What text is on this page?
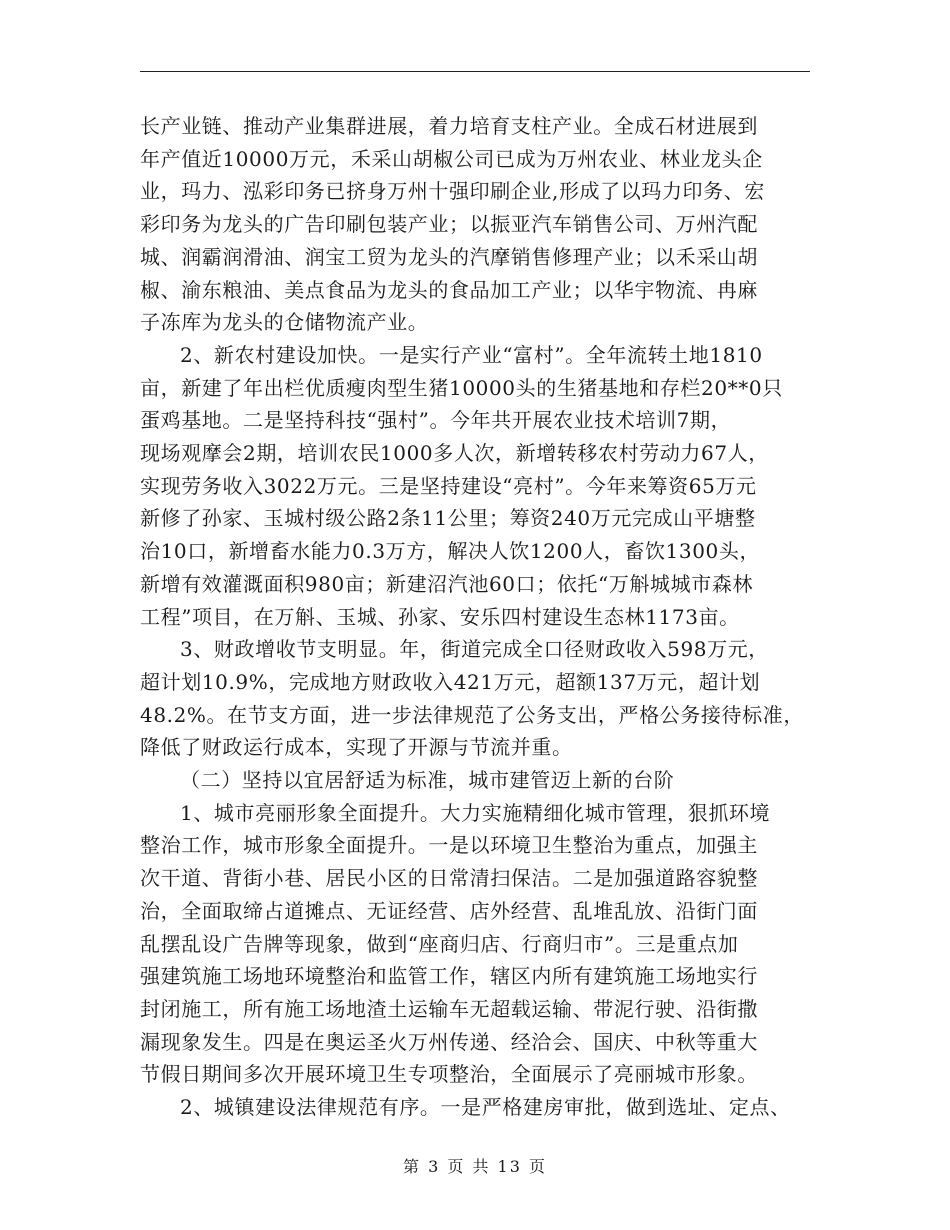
长产业链、推动产业集群进展，着力培育支柱产业。全成石材进展到
年产值近10000万元，禾采山胡椒公司已成为万州农业、林业龙头企
业，玛力、泓彩印务已挤身万州十强印刷企业,形成了以玛力印务、宏
彩印务为龙头的广告印刷包装产业；以振亚汽车销售公司、万州汽配
城、润霸润滑油、润宝工贸为龙头的汽摩销售修理产业；以禾采山胡
椒、渝东粮油、美点食品为龙头的食品加工产业；以华宇物流、冉麻
子冻库为龙头的仓储物流产业。
2、新农村建设加快。一是实行产业“富村”。全年流转土地1810
亩，新建了年出栏优质瘦肉型生猪10000头的生猪基地和存栏20**0只
蛋鸡基地。二是坚持科技“强村”。今年共开展农业技术培训7期，
现场观摩会2期，培训农民1000多人次，新增转移农村劳动力67人，
实现劳务收入3022万元。三是坚持建设“亮村”。今年来筹资65万元
新修了孙家、玉城村级公路2条11公里；筹资240万元完成山平塘整
治10口，新增畜水能力0.3万方，解决人饮1200人，畜饮1300头，
新增有效灌溉面积980亩；新建沼汽池60口；依托“万斛城城市森林
工程”项目，在万斛、玉城、孙家、安乐四村建设生态林1173亩。
3、财政增收节支明显。年，街道完成全口径财政收入598万元，
超计划10.9%，完成地方财政收入421万元，超额137万元，超计划
48.2%。在节支方面，进一步法律规范了公务支出，严格公务接待标准，
降低了财政运行成本，实现了开源与节流并重。
（二）坚持以宜居舒适为标准，城市建管迈上新的台阶
1、城市亮丽形象全面提升。大力实施精细化城市管理，狠抓环境
整治工作，城市形象全面提升。一是以环境卫生整治为重点，加强主
次干道、背街小巷、居民小区的日常清扫保洁。二是加强道路容貌整
治，全面取缔占道摊点、无证经营、店外经营、乱堆乱放、沿街门面
乱摆乱设广告牌等现象，做到“座商归店、行商归市”。三是重点加
强建筑施工场地环境整治和监管工作，辖区内所有建筑施工场地实行
封闭施工，所有施工场地渣土运输车无超载运输、带泥行驶、沿街撒
漏现象发生。四是在奥运圣火万州传递、经洽会、国庆、中秋等重大
节假日期间多次开展环境卫生专项整治，全面展示了亮丽城市形象。
2、城镇建设法律规范有序。一是严格建房审批，做到选址、定点、
第 3 页 共 13 页
